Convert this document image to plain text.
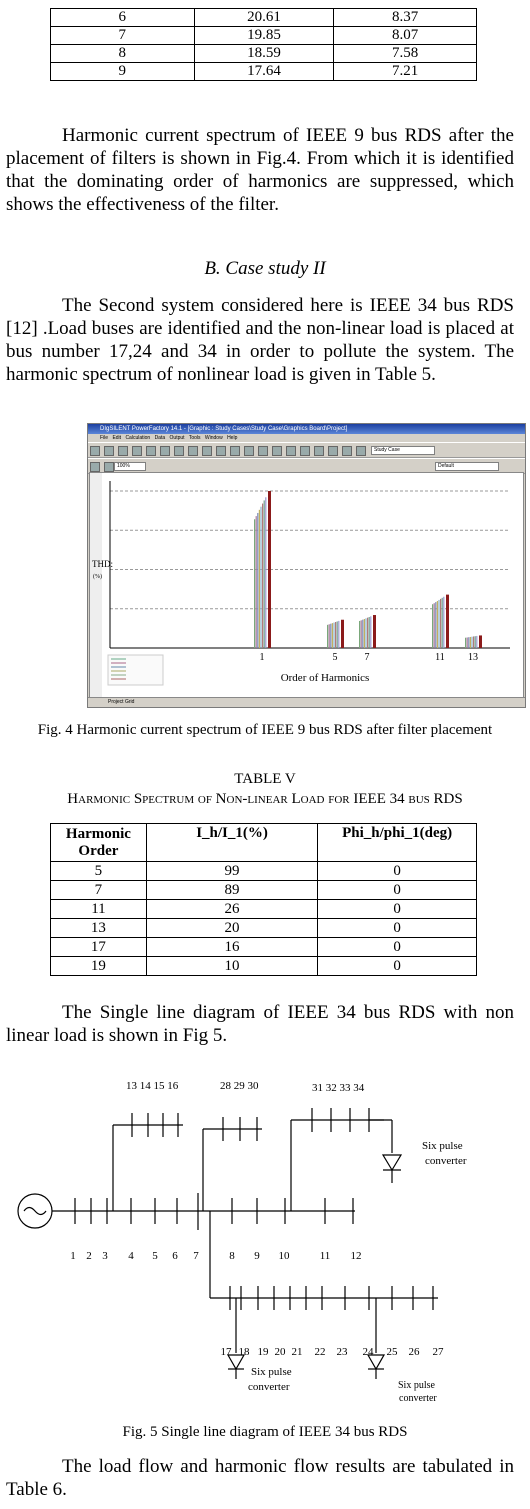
6	20.61	8.37
7	19.85	8.07
8	18.59	7.58
9	17.64	7.21
Harmonic current spectrum of IEEE 9 bus RDS after the placement of filters is shown in Fig.4. From which it is identified that the dominating order of harmonics are suppressed, which shows the effectiveness of the filter.
B. Case study II
The Second system considered here is IEEE 34 bus RDS [12] .Load buses are identified and the non-linear load is placed at bus number 17,24 and 34 in order to pollute the system. The harmonic spectrum of nonlinear load is given in Table 5.
DIgSILENT PowerFactory 14.1 - [Graphic : Study Cases\Study Case\Graphics Board\Project]
File Edit Calculation Data Output Tools Window Help
Study Case
100%	Default
1	5	7	11 13
THD:
(%)
Order of Harmonics
Project Grid
Fig. 4 Harmonic current spectrum of IEEE 9 bus RDS after filter placement
TABLE V
Harmonic Spectrum of Non-linear Load for IEEE 34 bus RDS
Harmonic Order	I_h/I_1(%)	Phi_h/phi_1(deg)
5	99	0
7	89	0
11	26	0
13	20	0
17	16	0
19	10	0
The Single line diagram of IEEE 34 bus RDS with non linear load is shown in Fig 5.
13 14 15 16	28 29 30	31 32 33 34
1 2 3 4 5 6 7	8 9 10	11 12
17 18 19 20 21 22 23 24 25 26 27
Six pulse converter
Six pulse converter	Six pulse converter
Fig. 5 Single line diagram of IEEE 34 bus RDS
The load flow and harmonic flow results are tabulated in Table 6.
